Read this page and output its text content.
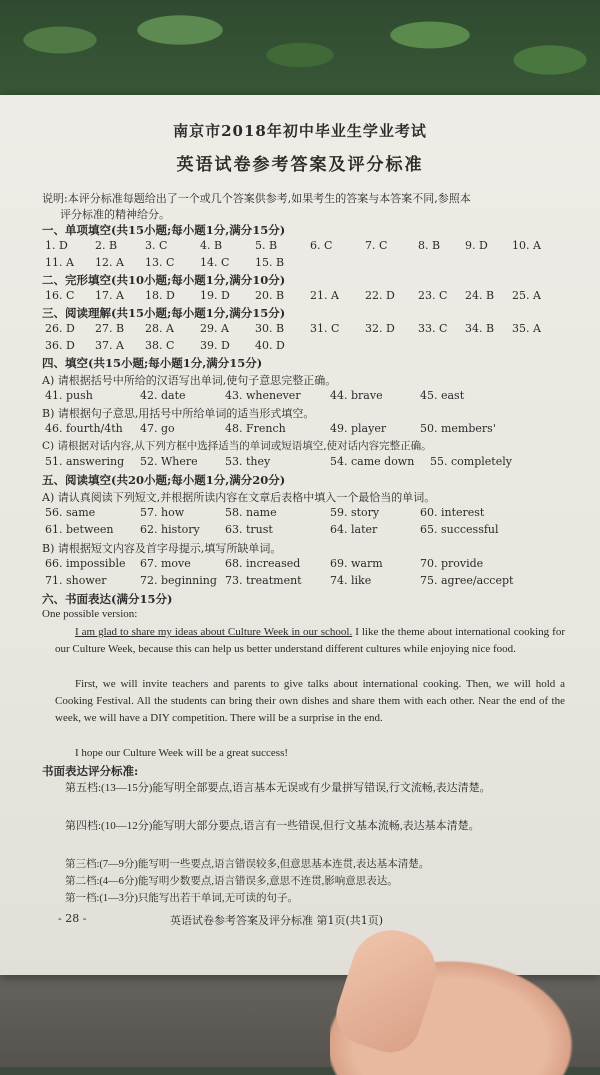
南京市2018年初中毕业生学业考试
英语试卷参考答案及评分标准
说明:本评分标准每题给出了一个或几个答案供参考,如果考生的答案与本答案不同,参照本
评分标准的精神给分。
一、单项填空(共15小题;每小题1分,满分15分)
1. D 2. B	3. C	4. B	5. B	6. C	7. C	8. B 9. D 10. A
11. A 12. A 13. C 14. C 15. B
二、完形填空(共10小题;每小题1分,满分10分)
16. C 17. A 18. D 19. D 20. B 21. A 22. D 23. C 24. B 25. A
三、阅读理解(共15小题;每小题1分,满分15分)
26. D 27. B 28. A 29. A 30. B 31. C 32. D 33. C 34. B 35. A
36. D 37. A 38. C 39. D 40. D
四、填空(共15小题;每小题1分,满分15分)
A) 请根据括号中所给的汉语写出单词,使句子意思完整正确。
41. push	42. date	43. whenever	44. brave	45. east
B) 请根据句子意思,用括号中所给单词的适当形式填空。
46. fourth/4th 47. go	48. French	49. player	50. members'
C) 请根据对话内容,从下列方框中选择适当的单词或短语填空,使对话内容完整正确。
51. answering 52. Where 53. they	54. came down 55. completely
五、阅读填空(共20小题;每小题1分,满分20分)
A) 请认真阅读下列短文,并根据所读内容在文章后表格中填入一个最恰当的单词。
56. same	57. how	58. name	59. story	60. interest
61. between 62. history 63. trust	64. later	65. successful
B) 请根据短文内容及首字母提示,填写所缺单词。
66. impossible 67. move	68. increased	69. warm	70. provide
71. shower	72. beginning 73. treatment	74. like	75. agree/accept
六、书面表达(满分15分)
One possible version:
I am glad to share my ideas about Culture Week in our school. I like the theme about international cooking for our Culture Week, because this can help us better understand different cultures while enjoying nice food.
First, we will invite teachers and parents to give talks about international cooking. Then, we will hold a Cooking Festival. All the students can bring their own dishes and share them with each other. Near the end of the week, we will have a DIY competition. There will be a surprise in the end.
I hope our Culture Week will be a great success!
书面表达评分标准:
第五档:(13—15分)能写明全部要点,语言基本无误或有少量拼写错误,行文流畅,表达清楚。
第四档:(10—12分)能写明大部分要点,语言有一些错误,但行文基本流畅,表达基本清楚。
第三档:(7—9分)能写明一些要点,语言错误较多,但意思基本连贯,表达基本清楚。
第二档:(4—6分)能写明少数要点,语言错误多,意思不连贯,影响意思表达。
第一档:(1—3分)只能写出若干单词,无可读的句子。
- 28 -	英语试卷参考答案及评分标准 第1页(共1页)
